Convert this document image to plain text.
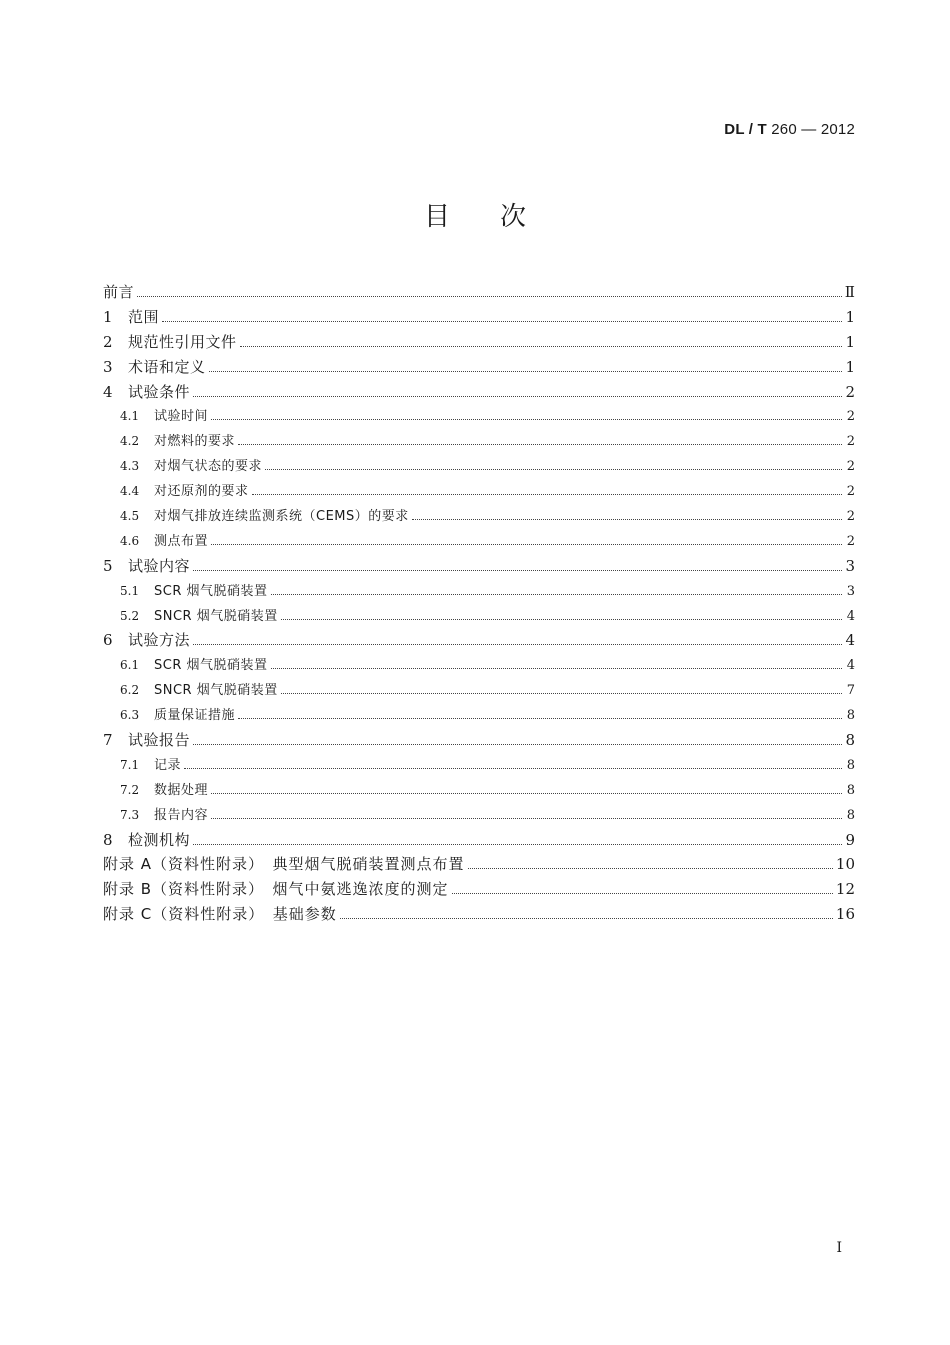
DL / T 260 — 2012
目次
前言	Ⅱ
1	范围	1
2	规范性引用文件	1
3	术语和定义	1
4	试验条件	2
4.1	试验时间	2
4.2	对燃料的要求	2
4.3	对烟气状态的要求	2
4.4	对还原剂的要求	2
4.5	对烟气排放连续监测系统（CEMS）的要求	2
4.6	测点布置	2
5	试验内容	3
5.1	SCR 烟气脱硝装置	3
5.2	SNCR 烟气脱硝装置	4
6	试验方法	4
6.1	SCR 烟气脱硝装置	4
6.2	SNCR 烟气脱硝装置	7
6.3	质量保证措施	8
7	试验报告	8
7.1	记录	8
7.2	数据处理	8
7.3	报告内容	8
8	检测机构	9
附录 A（资料性附录）　典型烟气脱硝装置测点布置	10
附录 B（资料性附录）　烟气中氨逃逸浓度的测定	12
附录 C（资料性附录）　基础参数	16
I
